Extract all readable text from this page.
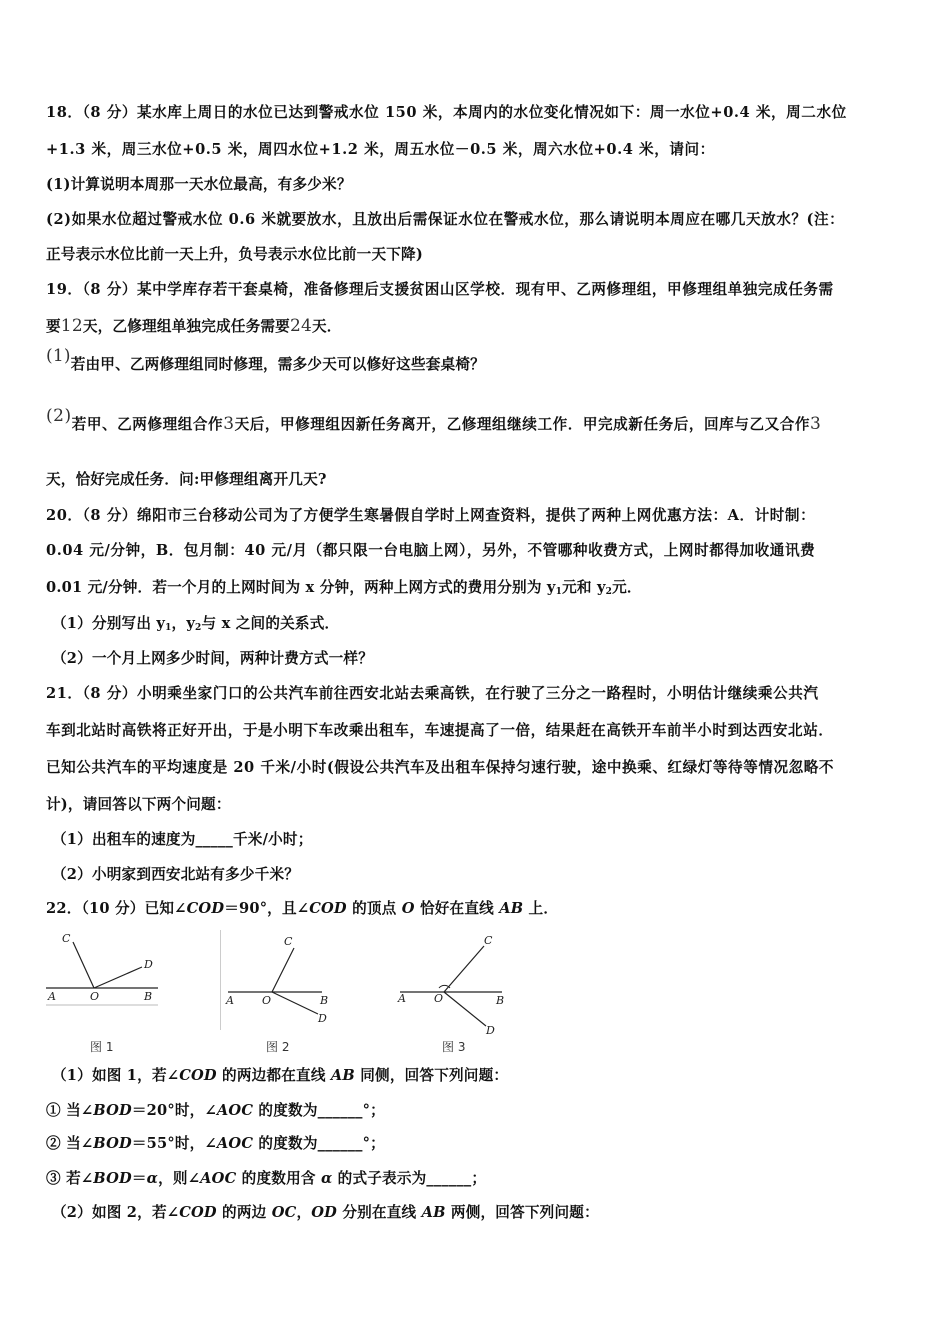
18．（8 分）某水库上周日的水位已达到警戒水位 150 米，本周内的水位变化情况如下：周一水位+0.4 米，周二水位
+1.3 米，周三水位+0.5 米，周四水位+1.2 米，周五水位－0.5 米，周六水位+0.4 米，请问：
(1)计算说明本周那一天水位最高，有多少米？
(2)如果水位超过警戒水位 0.6 米就要放水，且放出后需保证水位在警戒水位，那么请说明本周应在哪几天放水？(注：
正号表示水位比前一天上升，负号表示水位比前一天下降)
19．（8 分）某中学库存若干套桌椅，准备修理后支援贫困山区学校．现有甲、乙两修理组，甲修理组单独完成任务需
要12天，乙修理组单独完成任务需要24天．
(1)若由甲、乙两修理组同时修理，需多少天可以修好这些套桌椅？
(2)若甲、乙两修理组合作3天后，甲修理组因新任务离开，乙修理组继续工作．甲完成新任务后，回库与乙又合作3
天，恰好完成任务．问:甲修理组离开几天?
20．（8 分）绵阳市三台移动公司为了方便学生寒暑假自学时上网查资料，提供了两种上网优惠方法：A．计时制：
0.04 元/分钟，B．包月制：40 元/月（都只限一台电脑上网），另外，不管哪种收费方式，上网时都得加收通讯费
0.01 元/分钟．若一个月的上网时间为 x 分钟，两种上网方式的费用分别为 $y_1$元和 $y_2$元．
（1）分别写出 $y_1$，$y_2$与 x 之间的关系式．
（2）一个月上网多少时间，两种计费方式一样？
21．（8 分）小明乘坐家门口的公共汽车前往西安北站去乘高铁，在行驶了三分之一路程时，小明估计继续乘公共汽
车到北站时高铁将正好开出，于是小明下车改乘出租车，车速提高了一倍，结果赶在高铁开车前半小时到达西安北站．
已知公共汽车的平均速度是 20 千米/小时(假设公共汽车及出租车保持匀速行驶，途中换乘、红绿灯等待等情况忽略不
计)，请回答以下两个问题：
（1）出租车的速度为_____千米/小时；
（2）小明家到西安北站有多少千米？
22．（10 分）已知∠COD＝90°，且∠COD 的顶点 O 恰好在直线 AB 上．
C
D
A	O	B
图 1
C
A	O	B
D
图 2
C
A	O	B
D
图 3
（1）如图 1，若∠COD 的两边都在直线 AB 同侧，回答下列问题：
① 当∠BOD＝20°时，∠AOC 的度数为______°；
② 当∠BOD＝55°时，∠AOC 的度数为______°；
③ 若∠BOD＝α，则∠AOC 的度数用含 α 的式子表示为______；
（2）如图 2，若∠COD 的两边 OC，OD 分别在直线 AB 两侧，回答下列问题：
